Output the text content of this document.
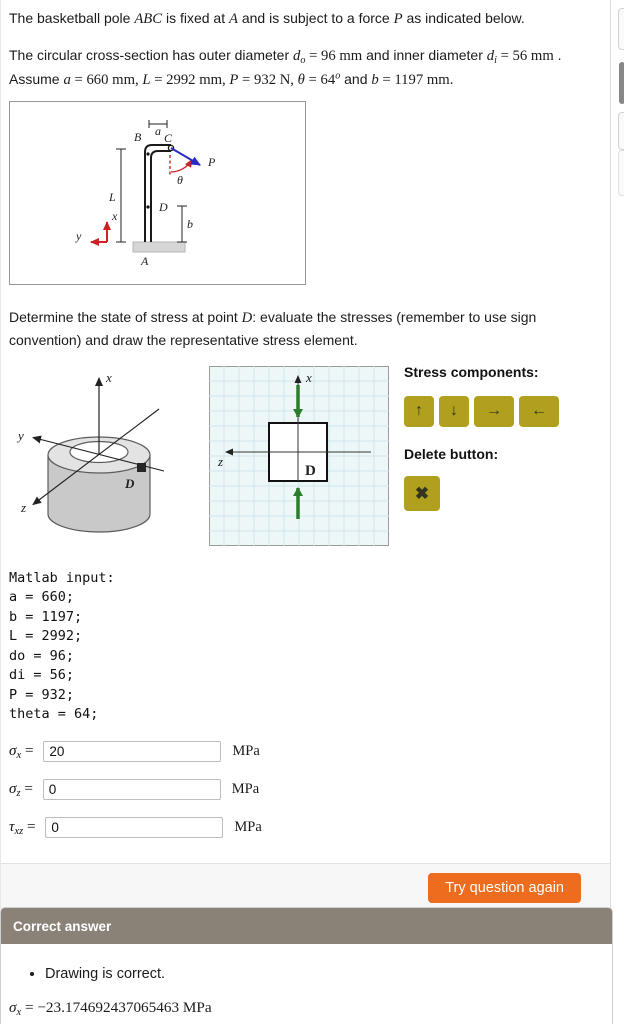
The basketball pole ABC is fixed at A and is subject to a force P as indicated below.

The circular cross-section has outer diameter $d_o = 96$ mm and inner diameter $d_i = 56$ mm . Assume a = 660 mm, L = 2992 mm, P = 932 N, $\theta = 64^o$ and b = 1197 mm.

a
B C
L
b
D
A
θ
P
x
y

Determine the state of stress at point D: evaluate the stresses (remember to use sign convention) and draw the representative stress element.

x
y
z
D
x
z
D
Stress components:
↑ ↓ → ←
Delete button:
✖
Matlab input:
a = 660;
b = 1197;
L = 2992;
do = 96;
di = 56;
P = 932;
theta = 64;
$\sigma_x$ =
20	MPa
$\sigma_z$ =
0	MPa
$\tau_{xz}$ =
0	MPa
Try question again
Correct answer
• Drawing is correct.
$\sigma_x = -23.174692437065463$ MPa
